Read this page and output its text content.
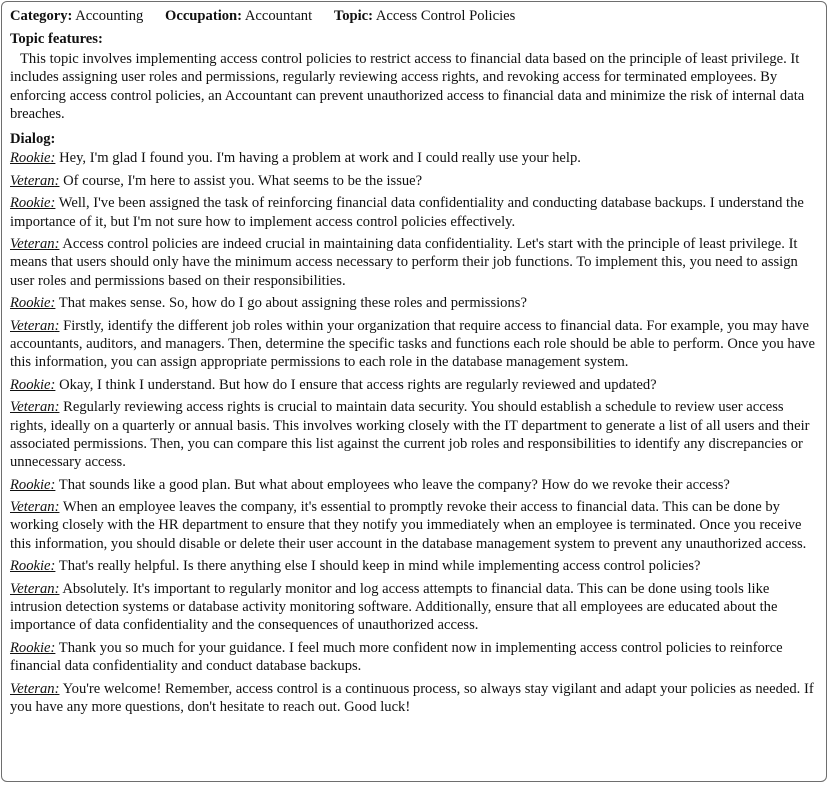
Category: Accounting Occupation: Accountant Topic: Access Control Policies
Topic features:
This topic involves implementing access control policies to restrict access to financial data based on the principle of least privilege. It includes assigning user roles and permissions, regularly reviewing access rights, and revoking access for terminated employees. By enforcing access control policies, an Accountant can prevent unauthorized access to financial data and minimize the risk of internal data breaches.
Dialog:
Rookie: Hey, I'm glad I found you. I'm having a problem at work and I could really use your help.
Veteran: Of course, I'm here to assist you. What seems to be the issue?
Rookie: Well, I've been assigned the task of reinforcing financial data confidentiality and conducting database backups. I understand the importance of it, but I'm not sure how to implement access control policies effectively.
Veteran: Access control policies are indeed crucial in maintaining data confidentiality. Let's start with the principle of least privilege. It means that users should only have the minimum access necessary to perform their job functions. To implement this, you need to assign user roles and permissions based on their responsibilities.
Rookie: That makes sense. So, how do I go about assigning these roles and permissions?
Veteran: Firstly, identify the different job roles within your organization that require access to financial data. For example, you may have accountants, auditors, and managers. Then, determine the specific tasks and functions each role should be able to perform. Once you have this information, you can assign appropriate permissions to each role in the database management system.
Rookie: Okay, I think I understand. But how do I ensure that access rights are regularly reviewed and updated?
Veteran: Regularly reviewing access rights is crucial to maintain data security. You should establish a schedule to review user access rights, ideally on a quarterly or annual basis. This involves working closely with the IT department to generate a list of all users and their associated permissions. Then, you can compare this list against the current job roles and responsibilities to identify any discrepancies or unnecessary access.
Rookie: That sounds like a good plan. But what about employees who leave the company? How do we revoke their access?
Veteran: When an employee leaves the company, it's essential to promptly revoke their access to financial data. This can be done by working closely with the HR department to ensure that they notify you immediately when an employee is terminated. Once you receive this information, you should disable or delete their user account in the database management system to prevent any unauthorized access.
Rookie: That's really helpful. Is there anything else I should keep in mind while implementing access control policies?
Veteran: Absolutely. It's important to regularly monitor and log access attempts to financial data. This can be done using tools like intrusion detection systems or database activity monitoring software. Additionally, ensure that all employees are educated about the importance of data confidentiality and the consequences of unauthorized access.
Rookie: Thank you so much for your guidance. I feel much more confident now in implementing access control policies to reinforce financial data confidentiality and conduct database backups.
Veteran: You're welcome! Remember, access control is a continuous process, so always stay vigilant and adapt your policies as needed. If you have any more questions, don't hesitate to reach out. Good luck!
